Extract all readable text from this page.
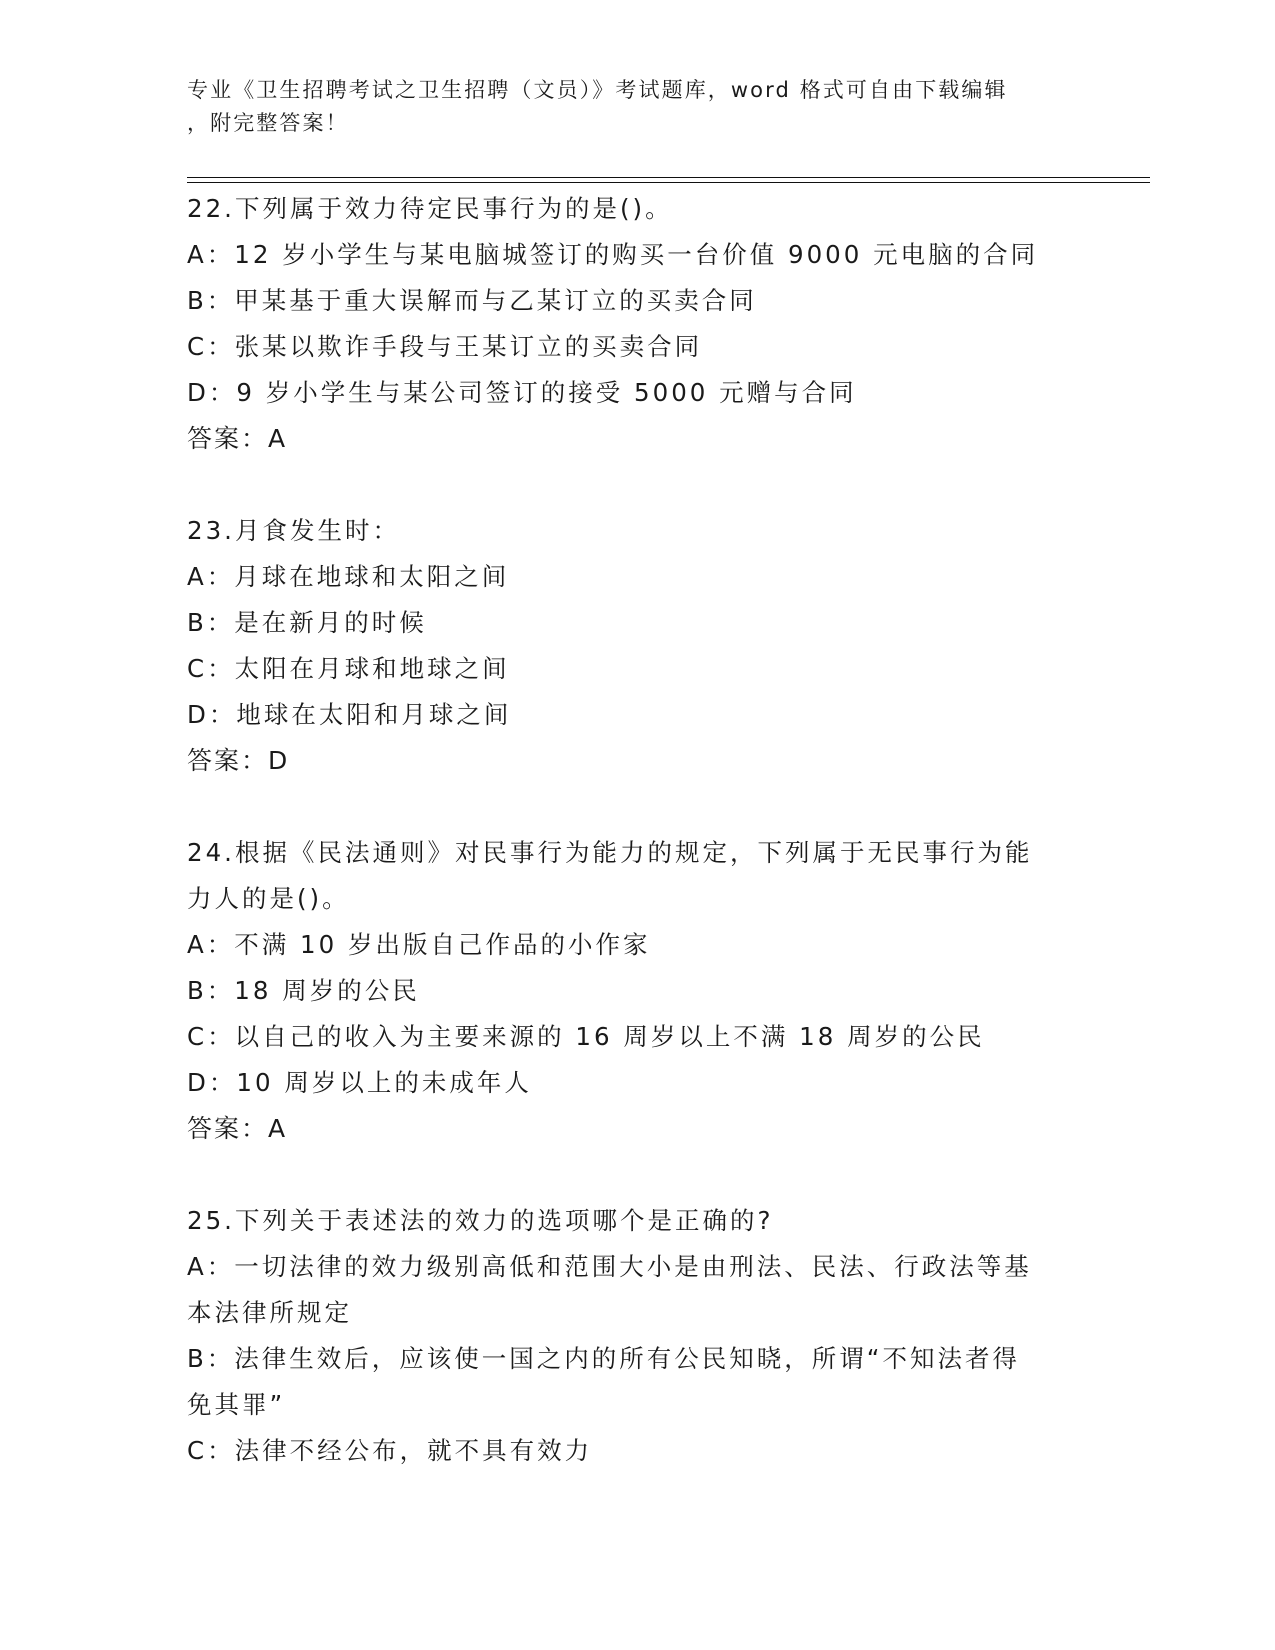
专业《卫生招聘考试之卫生招聘（文员）》考试题库，word 格式可自由下载编辑
，附完整答案！
22.下列属于效力待定民事行为的是()。
A：12 岁小学生与某电脑城签订的购买一台价值 9000 元电脑的合同
B：甲某基于重大误解而与乙某订立的买卖合同
C：张某以欺诈手段与王某订立的买卖合同
D：9 岁小学生与某公司签订的接受 5000 元赠与合同
答案：A
23.月食发生时：
A：月球在地球和太阳之间
B：是在新月的时候
C：太阳在月球和地球之间
D：地球在太阳和月球之间
答案：D
24.根据《民法通则》对民事行为能力的规定，下列属于无民事行为能
力人的是()。
A：不满 10 岁出版自己作品的小作家
B：18 周岁的公民
C：以自己的收入为主要来源的 16 周岁以上不满 18 周岁的公民
D：10 周岁以上的未成年人
答案：A
25.下列关于表述法的效力的选项哪个是正确的?
A：一切法律的效力级别高低和范围大小是由刑法、民法、行政法等基
本法律所规定
B：法律生效后，应该使一国之内的所有公民知晓，所谓“不知法者得
免其罪”
C：法律不经公布，就不具有效力
